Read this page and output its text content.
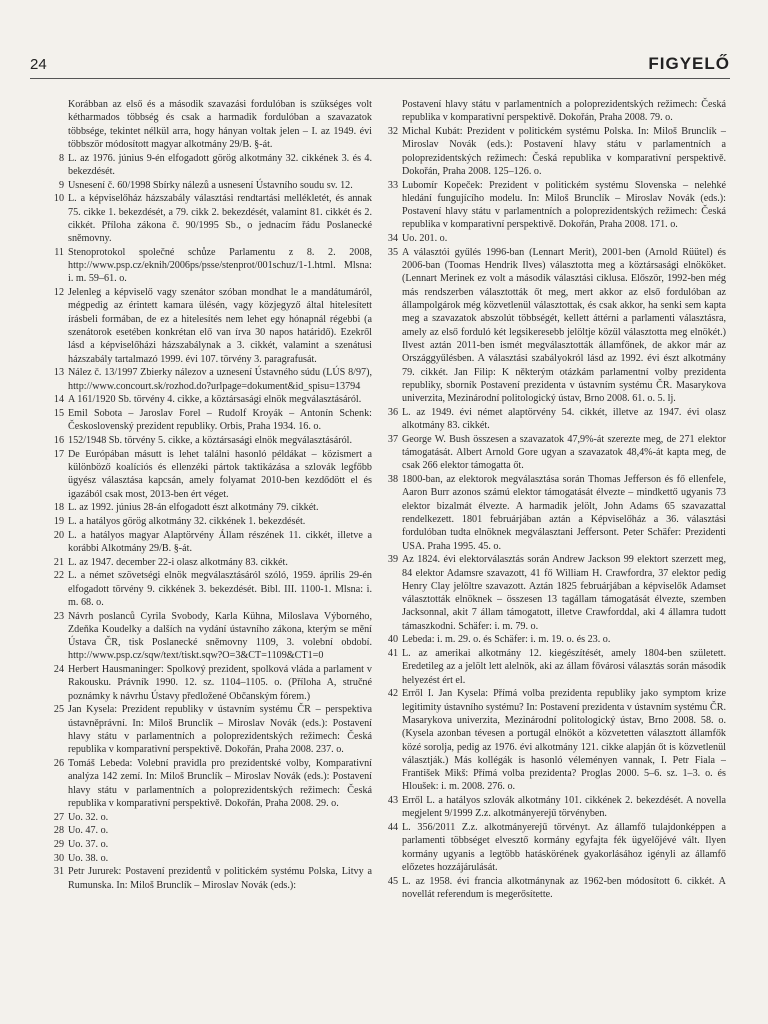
24	FIGYELŐ

Korábban az első és a második szavazási fordulóban is szükséges volt kétharmados többség és csak a harmadik fordulóban a szavazatok többsége, tekintet nélkül arra, hogy hányan voltak jelen – I. az 1949. évi többször módosított magyar alkotmány 29/B. §-át.

8 L. az 1976. június 9-én elfogadott görög alkotmány 32. cikkének 3. és 4. bekezdését.

9 Usnesení č. 60/1998 Sbírky nálezů a usnesení Ústavního soudu sv. 12.

10 L. a képviselőház házszabály választási rendtartási mellékletét, és annak 75. cikke 1. bekezdését, a 79. cikk 2. bekezdését, valamint 81. cikkét és 2. cikkét. Příloha zákona č. 90/1995 Sb., o jednacím řádu Poslanecké sněmovny.

11 Stenoprotokol společné schůze Parlamentu z 8. 2. 2008, http://www.psp.cz/eknih/2006ps/psse/stenprot/001schuz/1-1.html. Mlsna: i. m. 59–61. o.

12 Jelenleg a képviselő vagy szenátor szóban mondhat le a mandátumáról, mégpedig az érintett kamara ülésén, vagy közjegyző által hitelesített írásbeli formában, de ez a hitelesítés nem lehet egy hónapnál régebbi (a szenátorok esetében konkrétan elő van írva 30 napos határidő). Ezekről lásd a képviselőházi házszabálynak a 3. cikkét, valamint a szenátusi házszabály tartalmazó 1999. évi 107. törvény 3. paragrafusát.

13 Nález č. 13/1997 Zbierky nálezov a uznesení Ústavného súdu (LÚS 8/97), http://www.concourt.sk/rozhod.do?urlpage=dokument&id_spisu=13794

14 A 161/1920 Sb. törvény 4. cikke, a köztársasági elnök megválasztásáról.

15 Emil Sobota – Jaroslav Forel – Rudolf Kroyák – Antonín Schenk: Československý prezident republiky. Orbis, Praha 1934. 16. o.

16 152/1948 Sb. törvény 5. cikke, a köztársasági elnök megválasztásáról.

17 De Európában másutt is lehet találni hasonló példákat – közismert a különböző koalíciós és ellenzéki pártok taktikázása a szlovák legfőbb ügyész választása kapcsán, amely folyamat 2010-ben kezdődött el és igazából csak most, 2013-ben ért véget.

18 L. az 1992. június 28-án elfogadott észt alkotmány 79. cikkét.

19 L. a hatályos görög alkotmány 32. cikkének 1. bekezdését.

20 L. a hatályos magyar Alaptörvény Állam részének 11. cikkét, illetve a korábbi Alkotmány 29/B. §-át.

21 L. az 1947. december 22-i olasz alkotmány 83. cikkét.

22 L. a német szövetségi elnök megválasztásáról szóló, 1959. április 29-én elfogadott törvény 9. cikkének 3. bekezdését. Bibl. III. 1100-1. Mlsna: i. m. 68. o.

23 Návrh poslanců Cyrila Svobody, Karla Kühna, Miloslava Výborného, Zdeňka Koudelky a dalších na vydání ústavního zákona, kterým se mění Ústava ČR, tisk Poslanecké sněmovny 1109, 3. volební období. http://www.psp.cz/sqw/text/tiskt.sqw?O=3&CT=1109&CT1=0

24 Herbert Hausmaninger: Spolkový prezident, spolková vláda a parlament v Rakousku. Právník 1990. 12. sz. 1104–1105. o. (Příloha A, stručné poznámky k návrhu Ústavy předložené Občanským fórem.)

25 Jan Kysela: Prezident republiky v ústavním systému ČR – perspektiva ústavněprávní. In: Miloš Brunclík – Miroslav Novák (eds.): Postavení hlavy státu v parlamentních a poloprezidentských režimech: Česká republika v komparativní perspektivě. Dokořán, Praha 2008. 237. o.

26 Tomáš Lebeda: Volební pravidla pro prezidentské volby, Komparativní analýza 142 zemí. In: Miloš Brunclík – Miroslav Novák (eds.): Postavení hlavy státu v parlamentních a poloprezidentských režimech: Česká republika v komparativní perspektivě. Dokořán, Praha 2008. 29. o.

27 Uo. 32. o.

28 Uo. 47. o.

29 Uo. 37. o.

30 Uo. 38. o.

31 Petr Jururek: Postavení prezidentů v politickém systému Polska, Litvy a Rumunska. In: Miloš Brunclík – Miroslav Novák (eds.):

Postavení hlavy státu v parlamentních a poloprezidentských režimech: Česká republika v komparativní perspektivě. Dokořán, Praha 2008. 79. o.

32 Michal Kubát: Prezident v politickém systému Polska. In: Miloš Brunclík – Miroslav Novák (eds.): Postavení hlavy státu v parlamentních a poloprezidentských režimech: Česká republika v komparativní perspektivě. Dokořán, Praha 2008. 125–126. o.

33 Lubomír Kopeček: Prezident v politickém systému Slovenska – nelehké hledání fungujícího modelu. In: Miloš Brunclík – Miroslav Novák (eds.): Postavení hlavy státu v parlamentních a poloprezidentských režimech: Česká republika v komparativní perspektivě. Dokořán, Praha 2008. 171. o.

34 Uo. 201. o.

35 A választói gyűlés 1996-ban (Lennart Merit), 2001-ben (Arnold Rüütel) és 2006-ban (Toomas Hendrik Ilves) választotta meg a köztársasági elnököket. (Lennart Merinek ez volt a második választási ciklusa. Először, 1992-ben még más rendszerben választották őt meg, mert akkor az első fordulóban az állampolgárok még közvetlenül választottak, és csak akkor, ha senki sem kapta meg a szavazatok abszolút többségét, kellett áttérni a parlamenti választásra, amely az első forduló két legsikeresebb jelöltje közül választotta meg elnökét.) Ilvest aztán 2011-ben ismét megválasztották államfőnek, de akkor már az Országgyűlésben. A választási szabályokról lásd az 1992. évi észt alkotmány 79. cikkét. Jan Filip: K některým otázkám parlamentní volby prezidenta republiky, sborník Postavení prezidenta v ústavním systému ČR. Masarykova univerzita, Mezinárodní politologický ústav, Brno 2008. 61. o. 5. lj.

36 L. az 1949. évi német alaptörvény 54. cikkét, illetve az 1947. évi olasz alkotmány 83. cikkét.

37 George W. Bush összesen a szavazatok 47,9%-át szerezte meg, de 271 elektor támogatását. Albert Arnold Gore ugyan a szavazatok 48,4%-át kapta meg, de csak 266 elektor támogatta őt.

38 1800-ban, az elektorok megválasztása során Thomas Jefferson és fő ellenfele, Aaron Burr azonos számú elektor támogatását élvezte – mindkettő ugyanis 73 elektor bizalmát élvezte. A harmadik jelölt, John Adams 65 szavazattal rendelkezett. 1801 februárjában aztán a Képviselőház a 36. választási fordulóban tudta elnöknek megválasztani Jeffersont. Peter Schäfer: Prezidenti USA. Praha 1995. 45. o.

39 Az 1824. évi elektorválasztás során Andrew Jackson 99 elektort szerzett meg, 84 elektor Adamsre szavazott, 41 fő William H. Crawfordra, 37 elektor pedig Henry Clay jelöltre szavazott. Aztán 1825 februárjában a képviselők Adamset választották elnöknek – összesen 13 tagállam támogatását élvezte, szemben Jacksonnal, akit 7 állam támogatott, illetve Crawforddal, aki 4 államra tudott támaszkodni. Schäfer: i. m. 79. o.

40 Lebeda: i. m. 29. o. és Schäfer: i. m. 19. o. és 23. o.

41 L. az amerikai alkotmány 12. kiegészítését, amely 1804-ben született. Eredetileg az a jelölt lett alelnök, aki az állam fővárosi választás során második helyezést ért el.

42 Erről I. Jan Kysela: Přímá volba prezidenta republiky jako symptom krize legitimity ústavního systému? In: Postavení prezidenta v ústavním systému ČR. Masarykova univerzita, Mezinárodní politologický ústav, Brno 2008. 58. o. (Kysela azonban tévesen a portugál elnököt a közvetetten választott államfők közé sorolja, pedig az 1976. évi alkotmány 121. cikke alapján őt is közvetlenül választják.) Más kollégák is hasonló véleményen vannak, I. Petr Fiala – František Mikš: Přímá volba prezidenta? Proglas 2000. 5–6. sz. 1–3. o. és Hloušek: i. m. 2008. 276. o.

43 Erről L. a hatályos szlovák alkotmány 101. cikkének 2. bekezdését. A novella megjelent 9/1999 Z.z. alkotmányerejű törvényben.

44 L. 356/2011 Z.z. alkotmányerejű törvényt. Az államfő tulajdonképpen a parlamenti többséget elvesztő kormány egyfajta fék ügyelőjévé vált. Ilyen kormány ugyanis a legtöbb hatáskörének gyakorlásához igényli az államfő előzetes hozzájárulását.

45 L. az 1958. évi francia alkotmánynak az 1962-ben módosított 6. cikkét. A novellát referendum is megerősítette.
